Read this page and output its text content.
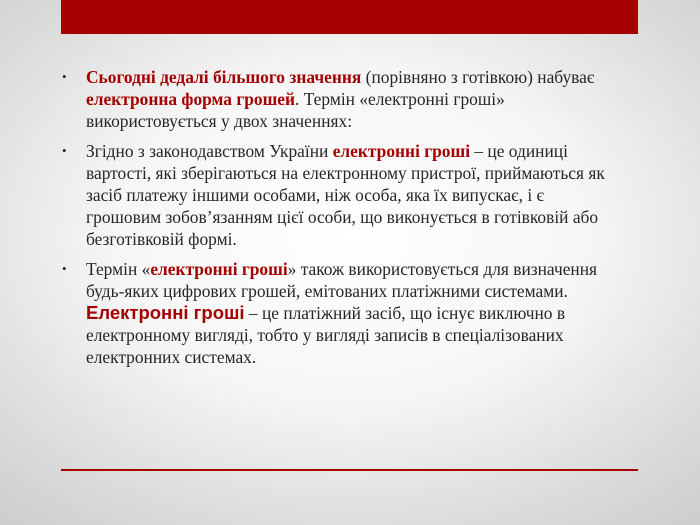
•	Сьогодні дедалі більшого значення (порівняно з готівкою) набуває електронна форма грошей. Термін «електронні гроші» використовується у двох значеннях:
•	Згідно з законодавством України електронні гроші – це одиниці вартості, які зберігаються на електронному пристрої, приймаються як засіб платежу іншими особами, ніж особа, яка їх випускає, і є грошовим зобов’язанням цієї особи, що виконується в готівковій або безготівковій формі.
•	Термін «електронні гроші» також використовується для визначення будь-яких цифрових грошей, емітованих платіжними системами. Електронні гроші – це платіжний засіб, що існує виключно в електронному вигляді, тобто у вигляді записів в спеціалізованих електронних системах.
